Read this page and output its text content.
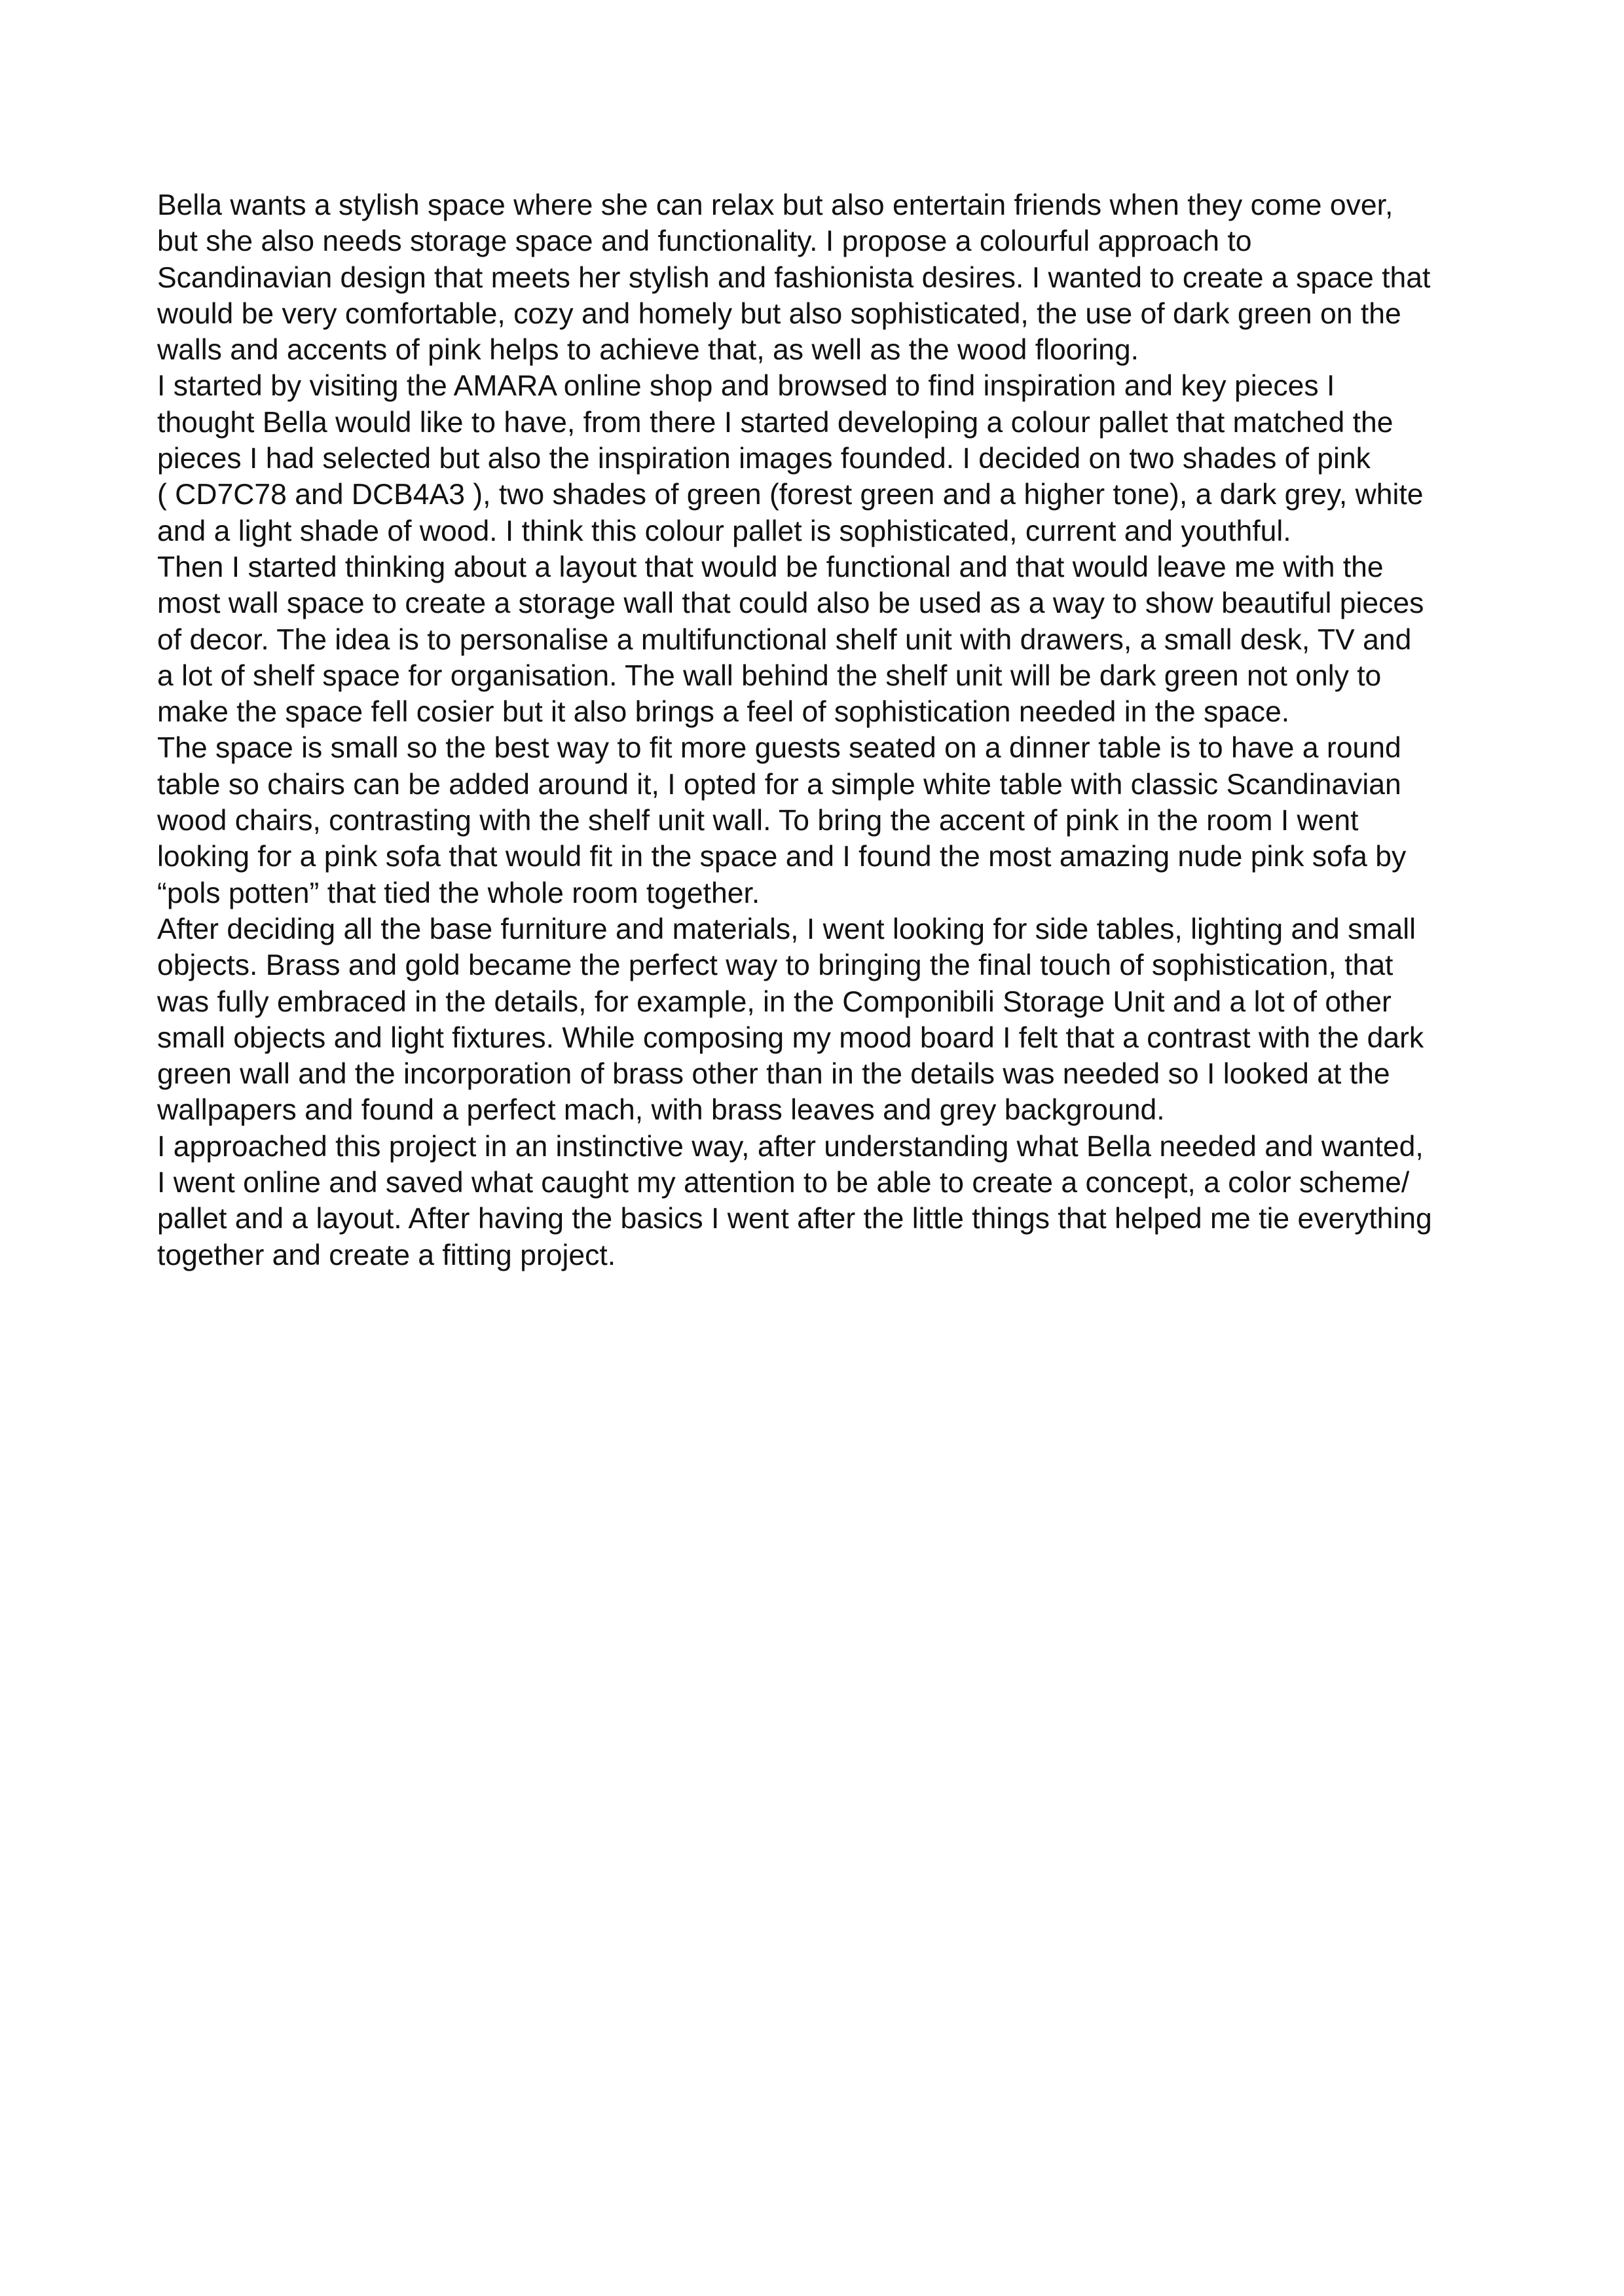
Bella wants a stylish space where she can relax but also entertain friends when they come over,
but she also needs storage space and functionality. I propose a colourful approach to
Scandinavian design that meets her stylish and fashionista desires. I wanted to create a space that
would be very comfortable, cozy and homely but also sophisticated, the use of dark green on the
walls and accents of pink helps to achieve that, as well as the wood flooring.

I started by visiting the AMARA online shop and browsed to find inspiration and key pieces I
thought Bella would like to have, from there I started developing a colour pallet that matched the
pieces I had selected but also the inspiration images founded. I decided on two shades of pink
( CD7C78 and DCB4A3 ), two shades of green (forest green and a higher tone), a dark grey, white
and a light shade of wood. I think this colour pallet is sophisticated, current and youthful.

Then I started thinking about a layout that would be functional and that would leave me with the
most wall space to create a storage wall that could also be used as a way to show beautiful pieces
of decor. The idea is to personalise a multifunctional shelf unit with drawers, a small desk, TV and
a lot of shelf space for organisation. The wall behind the shelf unit will be dark green not only to
make the space fell cosier but it also brings a feel of sophistication needed in the space.

The space is small so the best way to fit more guests seated on a dinner table is to have a round
table so chairs can be added around it, I opted for a simple white table with classic Scandinavian
wood chairs, contrasting with the shelf unit wall. To bring the accent of pink in the room I went
looking for a pink sofa that would fit in the space and I found the most amazing nude pink sofa by
“pols potten” that tied the whole room together.

After deciding all the base furniture and materials, I went looking for side tables, lighting and small
objects. Brass and gold became the perfect way to bringing the final touch of sophistication, that
was fully embraced in the details, for example, in the Componibili Storage Unit and a lot of other
small objects and light fixtures. While composing my mood board I felt that a contrast with the dark
green wall and the incorporation of brass other than in the details was needed so I looked at the
wallpapers and found a perfect mach, with brass leaves and grey background.

I approached this project in an instinctive way, after understanding what Bella needed and wanted,
I went online and saved what caught my attention to be able to create a concept, a color scheme/
pallet and a layout. After having the basics I went after the little things that helped me tie everything
together and create a fitting project.
